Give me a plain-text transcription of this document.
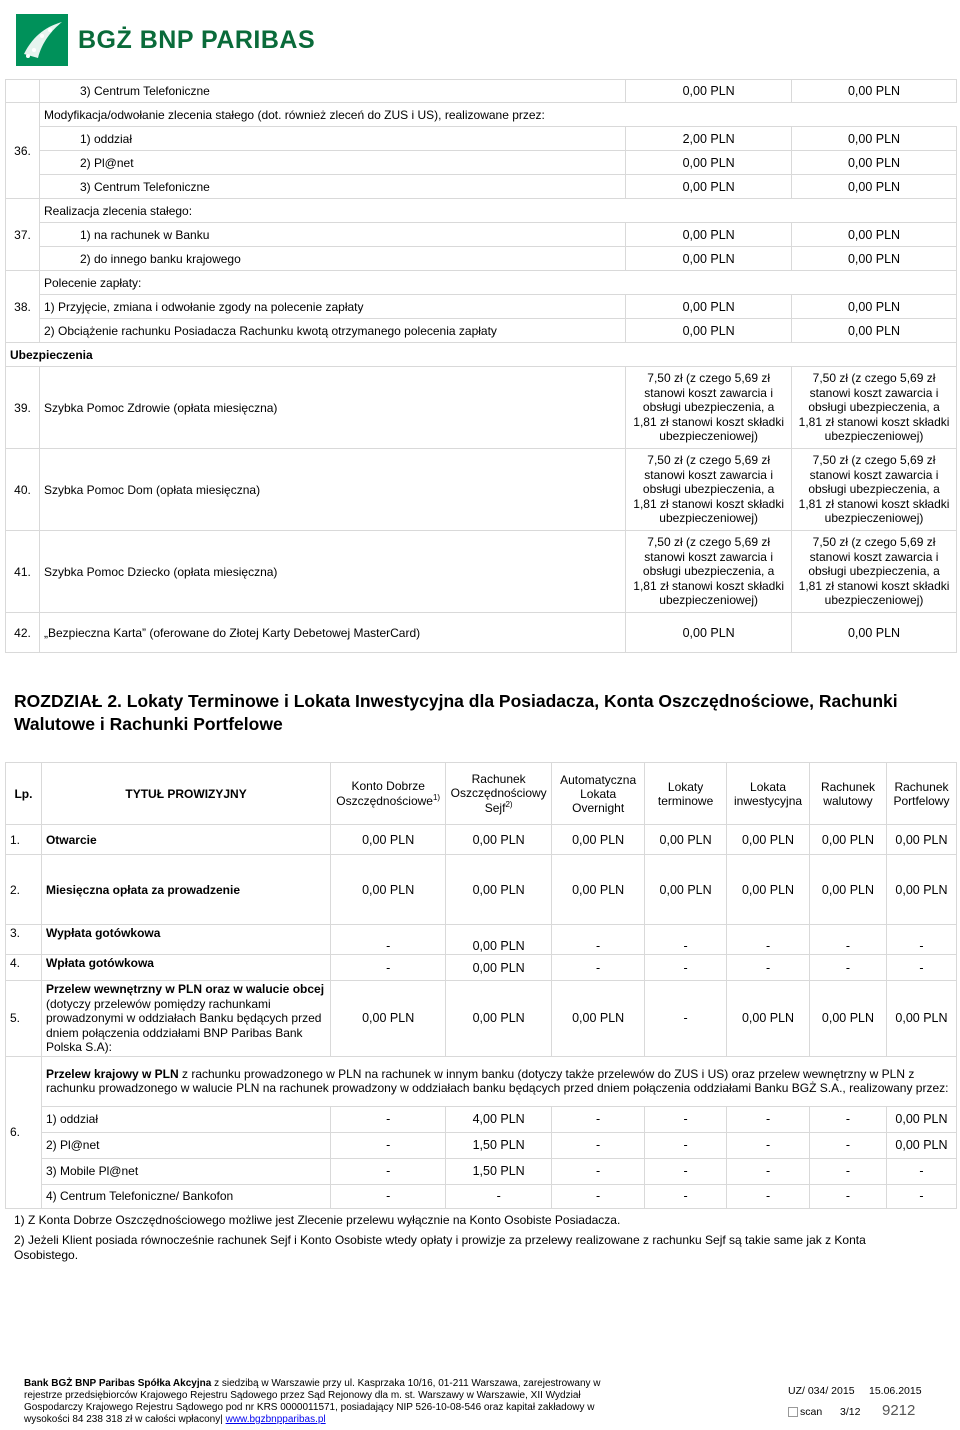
BGŻ BNP PARIBAS
	3) Centrum Telefoniczne	0,00 PLN	0,00 PLN
36.	Modyfikacja/odwołanie zlecenia stałego (dot. również zleceń do ZUS i US), realizowane przez:		
	1) oddział	2,00 PLN	0,00 PLN
	2) Pl@net	0,00 PLN	0,00 PLN
	3) Centrum Telefoniczne	0,00 PLN	0,00 PLN
37.	Realizacja zlecenia stałego:		
	1) na rachunek w Banku	0,00 PLN	0,00 PLN
	2) do innego banku krajowego	0,00 PLN	0,00 PLN
38.	Polecenie zapłaty:		
	1) Przyjęcie, zmiana i odwołanie zgody na polecenie zapłaty	0,00 PLN	0,00 PLN
	2) Obciążenie rachunku Posiadacza Rachunku kwotą otrzymanego polecenia zapłaty	0,00 PLN	0,00 PLN
Ubezpieczenia			
39.	Szybka Pomoc Zdrowie (opłata miesięczna)	7,50 zł (z czego 5,69 zł stanowi koszt zawarcia i obsługi ubezpieczenia, a 1,81 zł stanowi koszt składki ubezpieczeniowej)	7,50 zł (z czego 5,69 zł stanowi koszt zawarcia i obsługi ubezpieczenia, a 1,81 zł stanowi koszt składki ubezpieczeniowej)
40.	Szybka Pomoc Dom (opłata miesięczna)	7,50 zł (z czego 5,69 zł stanowi koszt zawarcia i obsługi ubezpieczenia, a 1,81 zł stanowi koszt składki ubezpieczeniowej)	7,50 zł (z czego 5,69 zł stanowi koszt zawarcia i obsługi ubezpieczenia, a 1,81 zł stanowi koszt składki ubezpieczeniowej)
41.	Szybka Pomoc Dziecko (opłata miesięczna)	7,50 zł (z czego 5,69 zł stanowi koszt zawarcia i obsługi ubezpieczenia, a 1,81 zł stanowi koszt składki ubezpieczeniowej)	7,50 zł (z czego 5,69 zł stanowi koszt zawarcia i obsługi ubezpieczenia, a 1,81 zł stanowi koszt składki ubezpieczeniowej)
42.	„Bezpieczna Karta” (oferowane do Złotej Karty Debetowej MasterCard)	0,00 PLN	0,00 PLN
ROZDZIAŁ 2. Lokaty Terminowe i Lokata Inwestycyjna dla Posiadacza, Konta Oszczędnościowe, Rachunki Walutowe i Rachunki Portfelowe
Lp.	TYTUŁ PROWIZYJNY	Konto Dobrze Oszczędnościowe$^{1)}$	Rachunek Oszczędnościowy Sejf$^{2)}$	Automatyczna Lokata Overnight	Lokaty terminowe	Lokata inwestycyjna	Rachunek walutowy	Rachunek Portfelowy
1.	Otwarcie	0,00 PLN	0,00 PLN	0,00 PLN	0,00 PLN	0,00 PLN	0,00 PLN	0,00 PLN
2.	Miesięczna opłata za prowadzenie	0,00 PLN	0,00 PLN	0,00 PLN	0,00 PLN	0,00 PLN	0,00 PLN	0,00 PLN
3.	Wypłata gotówkowa	-	0,00 PLN	-	-	-	-	-
4.	Wpłata gotówkowa	-	0,00 PLN	-	-	-	-	-
5.	Przelew wewnętrzny w PLN oraz w walucie obcej (dotyczy przelewów pomiędzy rachunkami prowadzonymi w oddziałach Banku będących przed dniem połączenia oddziałami BNP Paribas Bank Polska S.A):	0,00 PLN	0,00 PLN	0,00 PLN	-	0,00 PLN	0,00 PLN	0,00 PLN
6.	Przelew krajowy w PLN z rachunku prowadzonego w PLN na rachunek w innym banku (dotyczy także przelewów do ZUS i US) oraz przelew wewnętrzny w PLN z rachunku prowadzonego w walucie PLN na rachunek prowadzony w oddziałach banku będących przed dniem połączenia oddziałami Banku BGŻ S.A., realizowany przez:							
	1) oddział	-	4,00 PLN	-	-	-	-	0,00 PLN
	2) Pl@net	-	1,50 PLN	-	-	-	-	0,00 PLN
	3) Mobile Pl@net	-	1,50 PLN	-	-	-	-	-
	4) Centrum Telefoniczne/ Bankofon	-	-	-	-	-	-	-
1) Z Konta Dobrze Oszczędnościowego możliwe jest Zlecenie przelewu wyłącznie na Konto Osobiste Posiadacza.
2) Jeżeli Klient posiada równocześnie rachunek Sejf i Konto Osobiste wtedy opłaty i prowizje za przelewy realizowane z rachunku Sejf są takie same jak z Konta Osobistego.
Bank BGŻ BNP Paribas Spółka Akcyjna z siedzibą w Warszawie przy ul. Kasprzaka 10/16, 01-211 Warszawa, zarejestrowany w rejestrze przedsiębiorców Krajowego Rejestru Sądowego przez Sąd Rejonowy dla m. st. Warszawy w Warszawie, XII Wydział Gospodarczy Krajowego Rejestru Sądowego pod nr KRS 0000011571, posiadający NIP 526-10-08-546 oraz kapitał zakładowy w wysokości 84 238 318 zł w całości wpłacony| www.bgzbnpparibas.pl
UZ/ 034/ 2015 15.06.2015
scan 3/12 9212
